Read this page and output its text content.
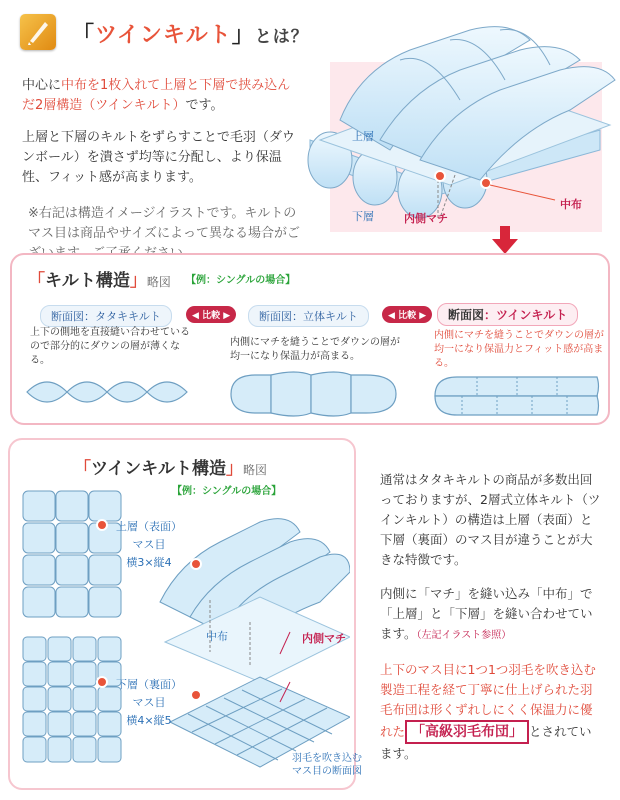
「ツインキルト」とは？

中心に中布を1枚入れて上層と下層で挟み込んだ2層構造（ツインキルト）です。

上層と下層のキルトをずらすことで毛羽（ダウンボール）を潰さず均等に分配し、より保温性、フィット感が高まります。

※右記は構造イメージイラストです。キルトのマス目は商品やサイズによって異なる場合がご

上層
下層	内側マチ
中布
「キルト構造」略図 【例：シングルの場合】
断面図：タタキキルト	◀ 比較 ▶	断面図：立体キルト	◀ 比較 ▶	断面図：ツインキルト
上下の側地を直接縫い合わせているので部分的にダウンの層が薄くなる。
内側にマチを縫うことでダウンの層が均一になり保温力が高まる。
内側にマチを縫うことでダウンの層が均一になり保温力とフィット感が高まる。
「ツインキルト構造」略図
【例：シングルの場合】
上層（表面）
マス目
横3×縦4
下層（裏面）
マス目
横4×縦5
中布	内側マチ
羽毛を吹き込むマス目の断面図

通常はタタキキルトの商品が多数出回っておりますが、2層式立体キルト（ツインキルト）の構造は上層（表面）と下層（裏面）のマス目が違うことが大きな特徴です。

内側に「マチ」を縫い込み「中布」で「上層」と「下層」を縫い合わせています。（左記イラスト参照）

上下のマス目に1つ1つ羽毛を吹き込む製造工程を経て丁寧に仕上げられた羽毛布団は形くずれしにくく保温力に優れた 「高級羽毛布団」 とされています。
